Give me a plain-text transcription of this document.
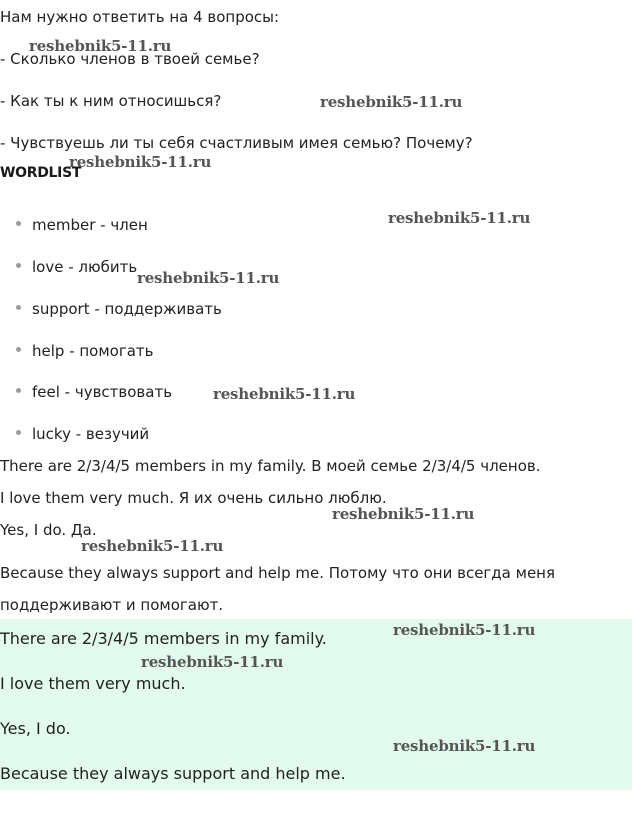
Нам нужно ответить на 4 вопросы:
- Сколько членов в твоей семье?
- Как ты к ним относишься?
- Чувствуешь ли ты себя счастливым имея семью? Почему?
WORDLIST
member - член
love - любить
support - поддерживать
help - помогать
feel - чувствовать
lucky - везучий
There are 2/3/4/5 members in my family. В моей семье 2/3/4/5 членов.
I love them very much. Я их очень сильно люблю.
Yes, I do. Да.
Because they always support and help me. Потому что они всегда меня
поддерживают и помогают.
There are 2/3/4/5 members in my family.
I love them very much.
Yes, I do.
Because they always support and help me.
reshebnik5-11.ru
reshebnik5-11.ru
reshebnik5-11.ru
reshebnik5-11.ru
reshebnik5-11.ru
reshebnik5-11.ru
reshebnik5-11.ru
reshebnik5-11.ru
reshebnik5-11.ru
reshebnik5-11.ru
reshebnik5-11.ru
